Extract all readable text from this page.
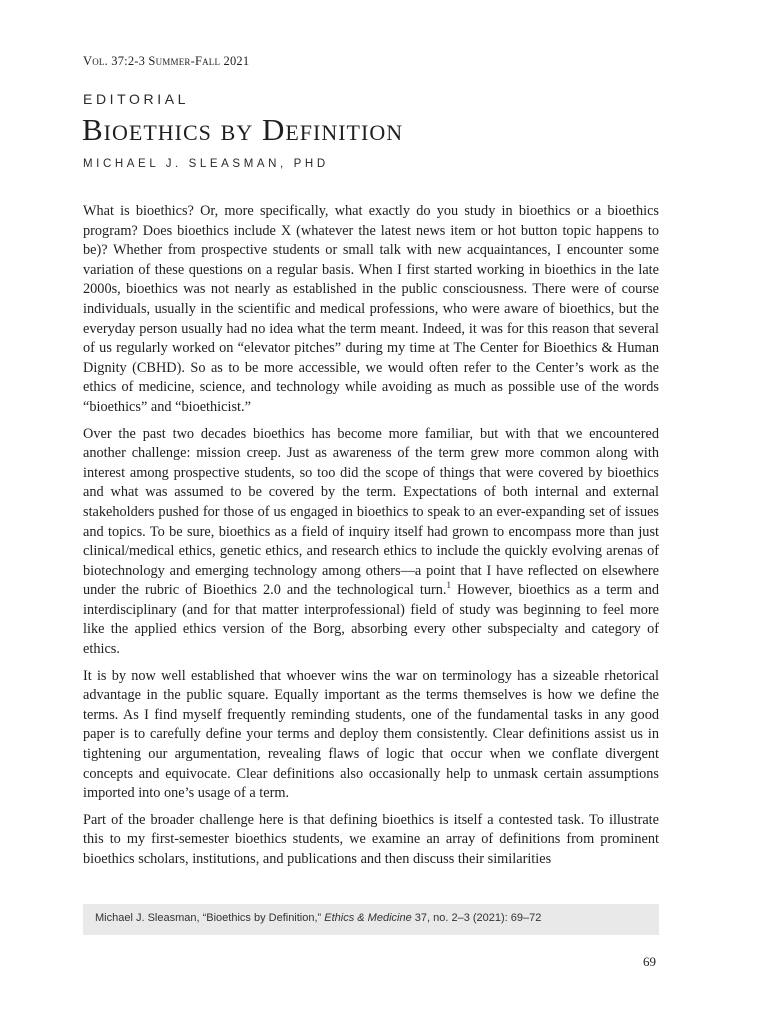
Vol. 37:2-3 Summer-Fall 2021
EDITORIAL
Bioethics by Definition
MICHAEL J. SLEASMAN, PHD

What is bioethics? Or, more specifically, what exactly do you study in bioethics or a bioethics program? Does bioethics include X (whatever the latest news item or hot button topic happens to be)? Whether from prospective students or small talk with new acquaintances, I encounter some variation of these questions on a regular basis. When I first started working in bioethics in the late 2000s, bioethics was not nearly as established in the public consciousness. There were of course individuals, usually in the scientific and medical professions, who were aware of bioethics, but the everyday person usually had no idea what the term meant. Indeed, it was for this reason that several of us regularly worked on “elevator pitches” during my time at The Center for Bioethics & Human Dignity (CBHD). So as to be more accessible, we would often refer to the Center’s work as the ethics of medicine, science, and technology while avoiding as much as possible use of the words “bioethics” and “bioethicist.”

Over the past two decades bioethics has become more familiar, but with that we encountered another challenge: mission creep. Just as awareness of the term grew more common along with interest among prospective students, so too did the scope of things that were covered by bioethics and what was assumed to be covered by the term. Expectations of both internal and external stakeholders pushed for those of us engaged in bioethics to speak to an ever-expanding set of issues and topics. To be sure, bioethics as a field of inquiry itself had grown to encompass more than just clinical/medical ethics, genetic ethics, and research ethics to include the quickly evolving arenas of biotechnology and emerging technology among others—a point that I have reflected on elsewhere under the rubric of Bioethics 2.0 and the technological turn.$^1$ However, bioethics as a term and interdisciplinary (and for that matter interprofessional) field of study was beginning to feel more like the applied ethics version of the Borg, absorbing every other subspecialty and category of ethics.

It is by now well established that whoever wins the war on terminology has a sizeable rhetorical advantage in the public square. Equally important as the terms themselves is how we define the terms. As I find myself frequently reminding students, one of the fundamental tasks in any good paper is to carefully define your terms and deploy them consistently. Clear definitions assist us in tightening our argumentation, revealing flaws of logic that occur when we conflate divergent concepts and equivocate. Clear definitions also occasionally help to unmask certain assumptions imported into one’s usage of a term.

Part of the broader challenge here is that defining bioethics is itself a contested task. To illustrate this to my first-semester bioethics students, we examine an array of definitions from prominent bioethics scholars, institutions, and publications and then discuss their similarities

Michael J. Sleasman, “Bioethics by Definition,” Ethics & Medicine 37, no. 2–3 (2021): 69–72
69
